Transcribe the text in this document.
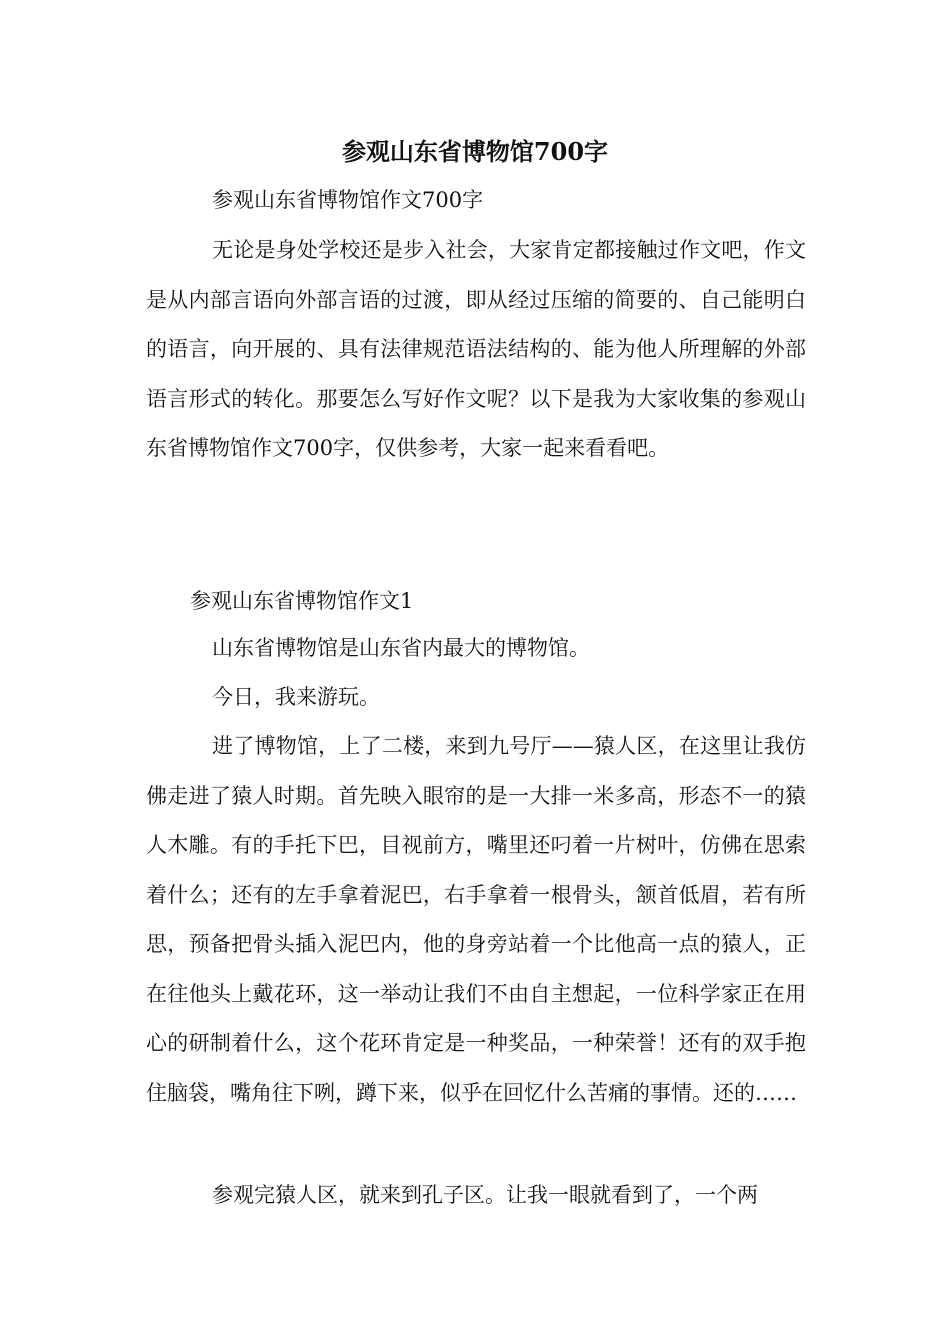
参观山东省博物馆700字
参观山东省博物馆作文700字

无论是身处学校还是步入社会，大家肯定都接触过作文吧，作文是从内部言语向外部言语的过渡，即从经过压缩的简要的、自己能明白的语言，向开展的、具有法律规范语法结构的、能为他人所理解的外部语言形式的转化。那要怎么写好作文呢？以下是我为大家收集的参观山东省博物馆作文700字，仅供参考，大家一起来看看吧。

参观山东省博物馆作文1

山东省博物馆是山东省内最大的博物馆。

今日，我来游玩。

进了博物馆，上了二楼，来到九号厅——猿人区，在这里让我仿佛走进了猿人时期。首先映入眼帘的是一大排一米多高，形态不一的猿人木雕。有的手托下巴，目视前方，嘴里还叼着一片树叶，仿佛在思索着什么；还有的左手拿着泥巴，右手拿着一根骨头，颔首低眉，若有所思，预备把骨头插入泥巴内，他的身旁站着一个比他高一点的猿人，正在往他头上戴花环，这一举动让我们不由自主想起，一位科学家正在用心的研制着什么，这个花环肯定是一种奖品，一种荣誉！还有的双手抱住脑袋，嘴角往下咧，蹲下来，似乎在回忆什么苦痛的事情。还的……

参观完猿人区，就来到孔子区。让我一眼就看到了，一个两
